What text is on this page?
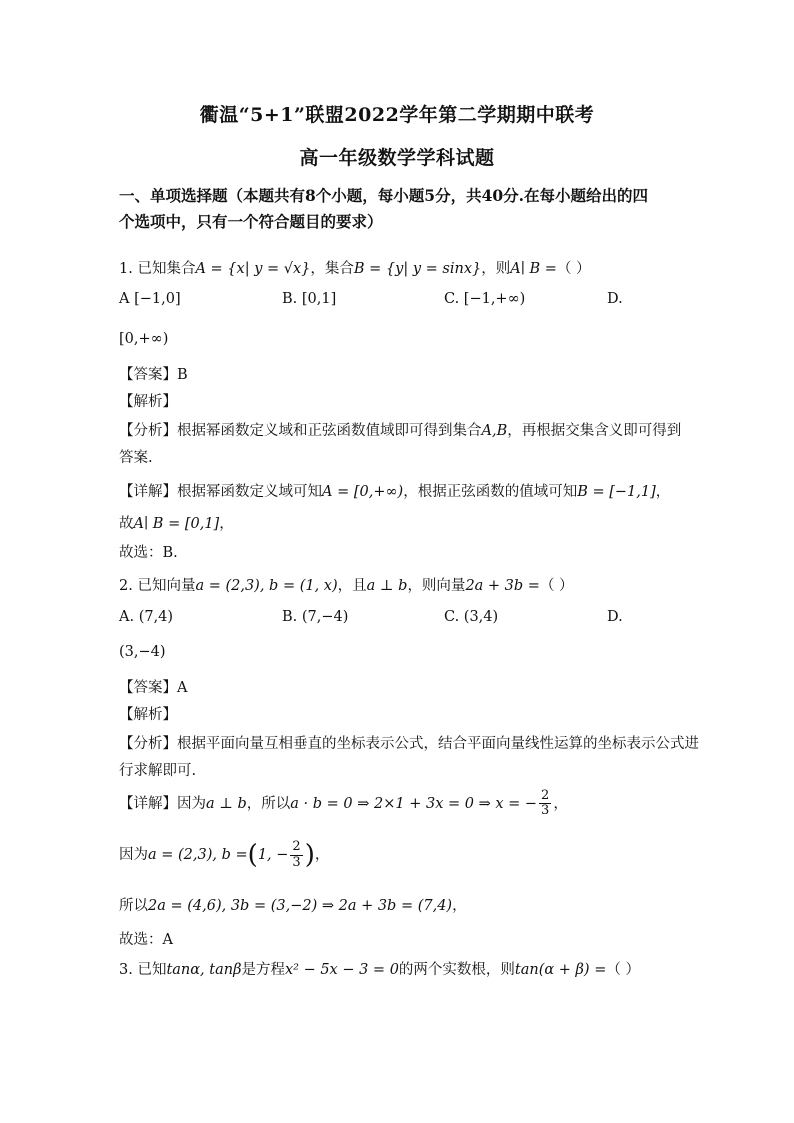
衢温“5+1”联盟2022学年第二学期期中联考
高一年级数学学科试题
一、单项选择题（本题共有8个小题，每小题5分，共40分.在每小题给出的四
个选项中，只有一个符合题目的要求）
1. 已知集合A = {x| y = √x}，集合B = {y| y = sinx}，则A∣ B =（ ）
A [−1,0]	B. [0,1]	C. [−1,+∞)	D.
[0,+∞)
【答案】B
【解析】
【分析】根据幂函数定义域和正弦函数值域即可得到集合A,B，再根据交集含义即可得到
答案.
【详解】根据幂函数定义域可知A = [0,+∞)，根据正弦函数的值域可知B = [−1,1]，
故A∣ B = [0,1]，
故选：B.
2. 已知向量a = (2,3), b = (1, x)，且a ⊥ b，则向量2a + 3b =（ ）
A. (7,4)	B. (7,−4)	C. (3,4)	D.
(3,−4)
【答案】A
【解析】
【分析】根据平面向量互相垂直的坐标表示公式，结合平面向量线性运算的坐标表示公式进
行求解即可.
【详解】因为a ⊥ b，所以a · b = 0 ⇒ 2×1 + 3x = 0 ⇒ x = − $\frac{2}{3}$ ，
因为a = (2,3), b =(1, − $\frac{2}{3}$ )，
所以2a = (4,6), 3b = (3,−2) ⇒ 2a + 3b = (7,4)，
故选：A
3. 已知tanα, tanβ是方程x² − 5x − 3 = 0的两个实数根，则tan(α + β) =（ ）
